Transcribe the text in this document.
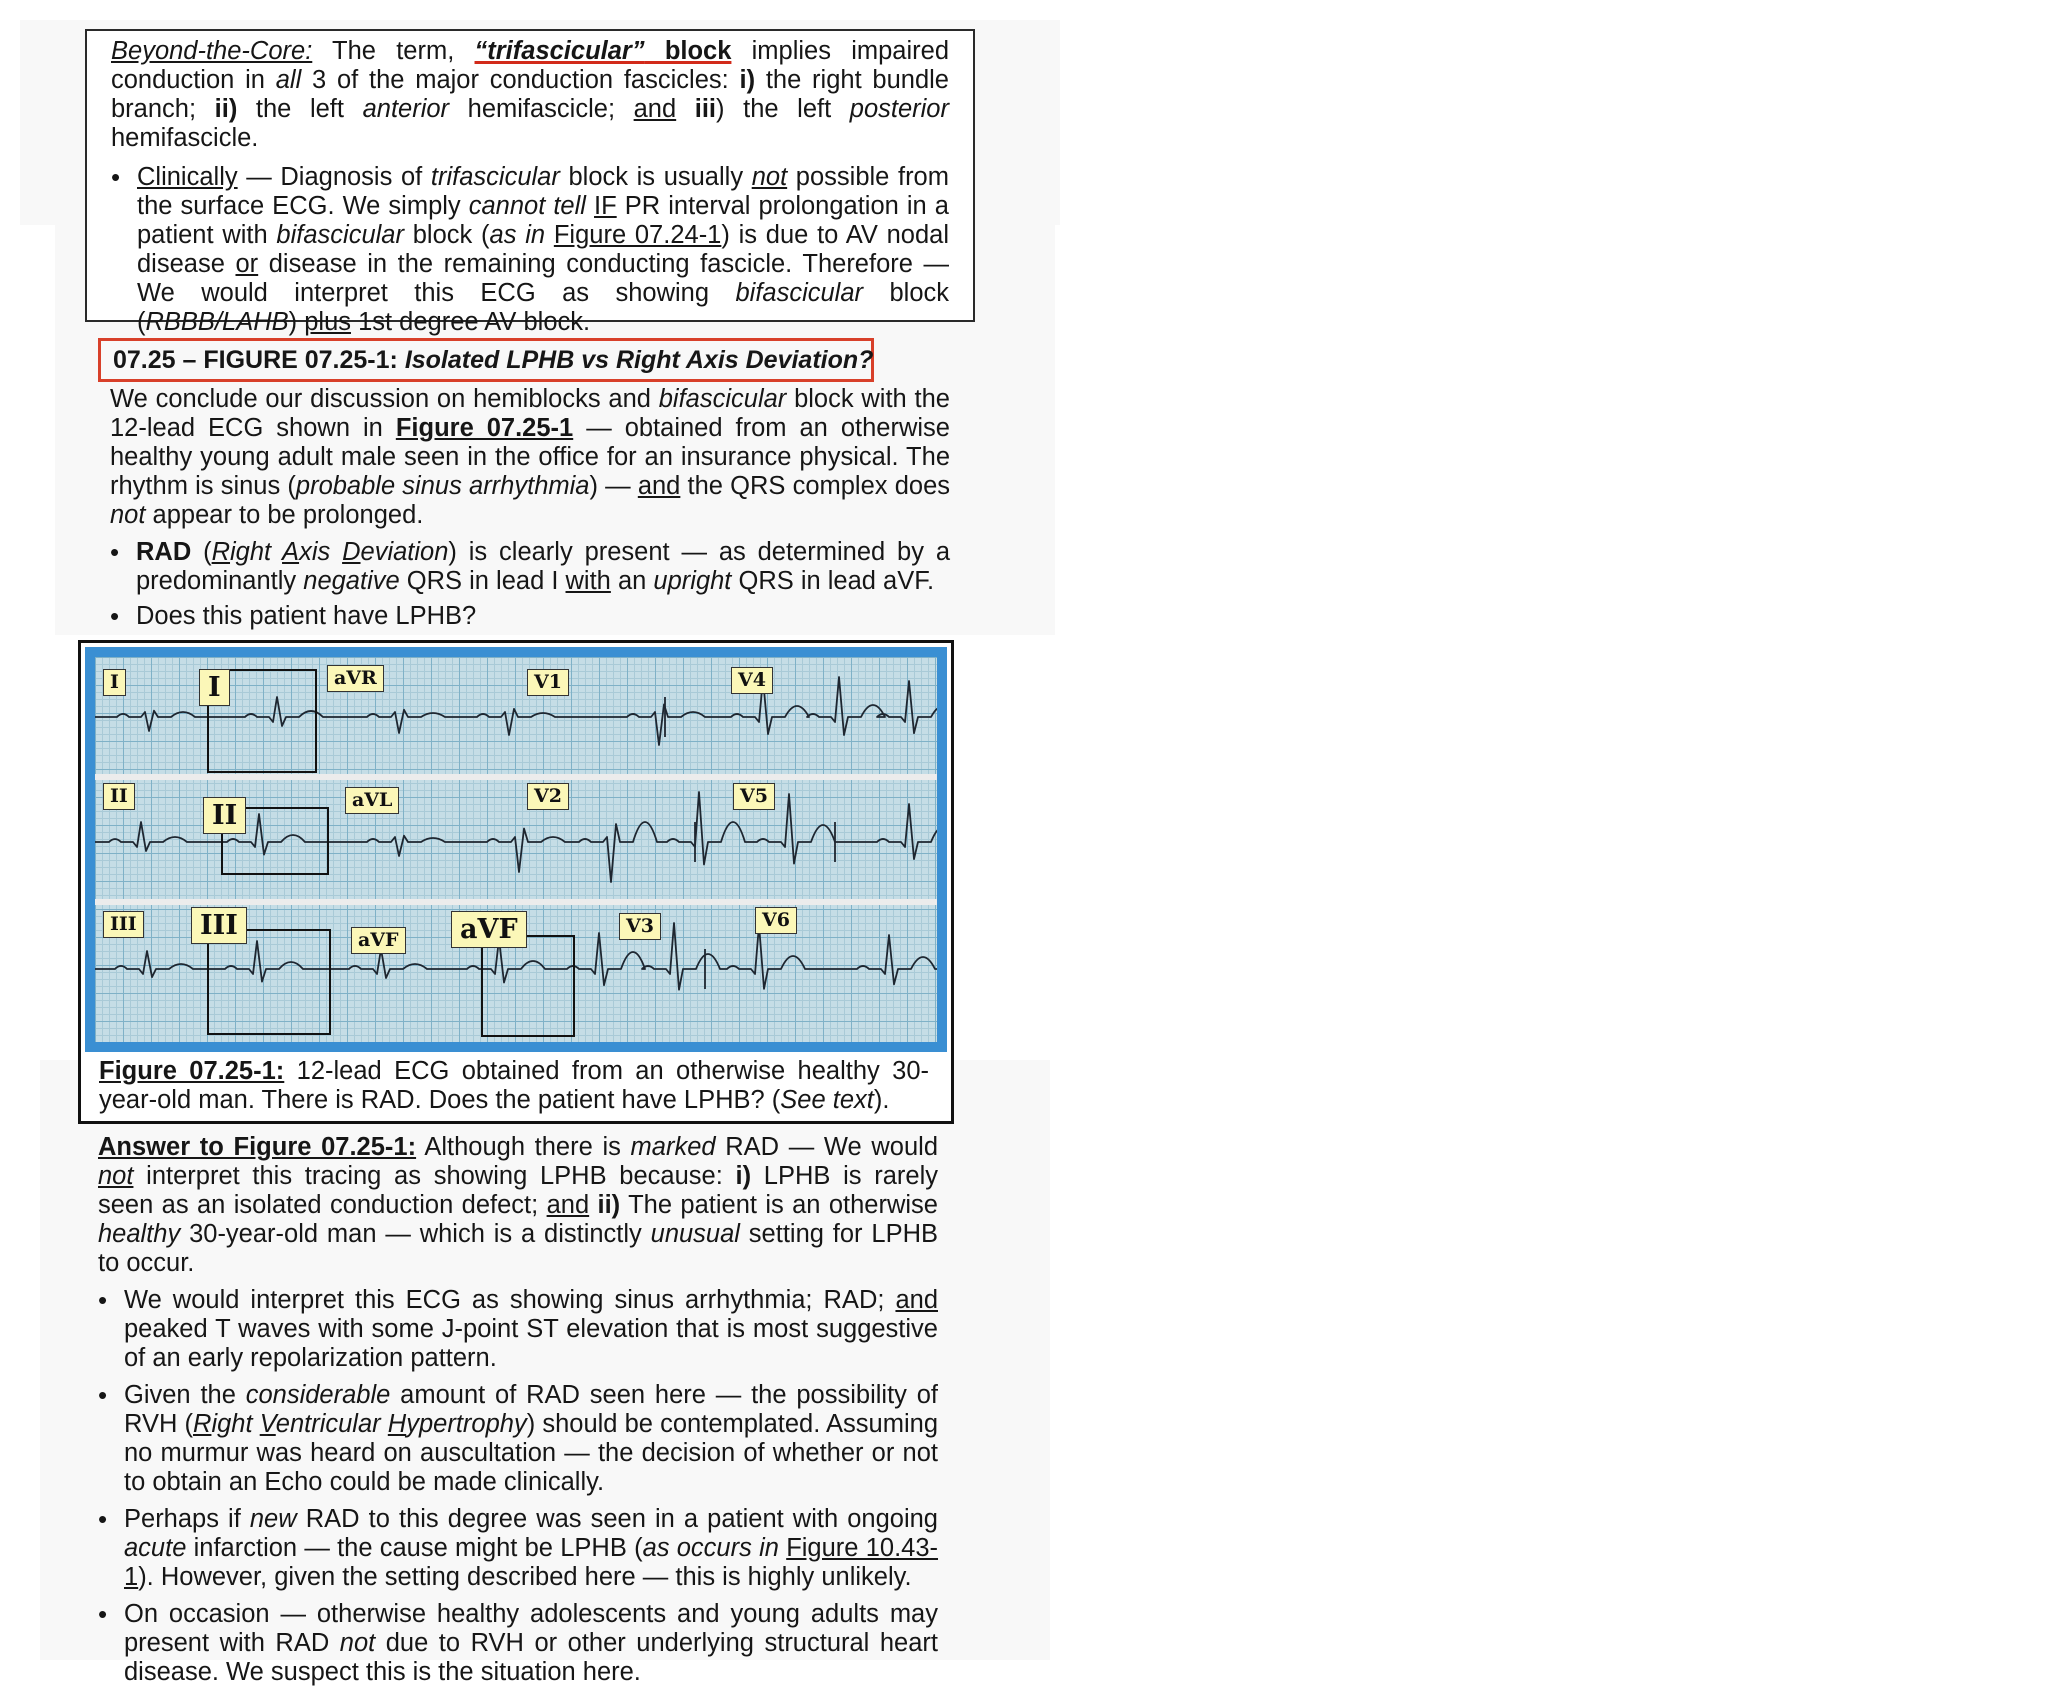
Beyond-the-Core: The term, “trifascicular” block implies impaired conduction in all 3 of the major conduction fascicles: i) the right bundle branch; ii) the left anterior hemifascicle; and iii) the left posterior hemifascicle.

• Clinically — Diagnosis of trifascicular block is usually not possible from the surface ECG. We simply cannot tell IF PR interval prolongation in a patient with bifascicular block (as in Figure 07.24-1) is due to AV nodal disease or disease in the remaining conducting fascicle. Therefore — We would interpret this ECG as showing bifascicular block (RBBB/LAHB) plus 1st degree AV block.
07.25 – FIGURE 07.25-1: Isolated LPHB vs Right Axis Deviation?

We conclude our discussion on hemiblocks and bifascicular block with the 12-lead ECG shown in Figure 07.25-1 — obtained from an otherwise healthy young adult male seen in the office for an insurance physical. The rhythm is sinus (probable sinus arrhythmia) — and the QRS complex does not appear to be prolonged.

• RAD (Right Axis Deviation) is clearly present — as determined by a predominantly negative QRS in lead I with an upright QRS in lead aVF.
• Does this patient have LPHB?
I	I	aVR	V1	V4
II
II	aVL	V2	V5
III	III	aVF	aVF	V3	V6
Figure 07.25-1: 12-lead ECG obtained from an otherwise healthy 30-year-old man. There is RAD. Does the patient have LPHB? (See text).

Answer to Figure 07.25-1: Although there is marked RAD — We would not interpret this tracing as showing LPHB because: i) LPHB is rarely seen as an isolated conduction defect; and ii) The patient is an otherwise healthy 30-year-old man — which is a distinctly unusual setting for LPHB to occur.

• We would interpret this ECG as showing sinus arrhythmia; RAD; and peaked T waves with some J-point ST elevation that is most suggestive of an early repolarization pattern.
• Given the considerable amount of RAD seen here — the possibility of RVH (Right Ventricular Hypertrophy) should be contemplated. Assuming no murmur was heard on auscultation — the decision of whether or not to obtain an Echo could be made clinically.
• Perhaps if new RAD to this degree was seen in a patient with ongoing acute infarction — the cause might be LPHB (as occurs in Figure 10.43-1). However, given the setting described here — this is highly unlikely.
• On occasion — otherwise healthy adolescents and young adults may present with RAD not due to RVH or other underlying structural heart disease. We suspect this is the situation here.
